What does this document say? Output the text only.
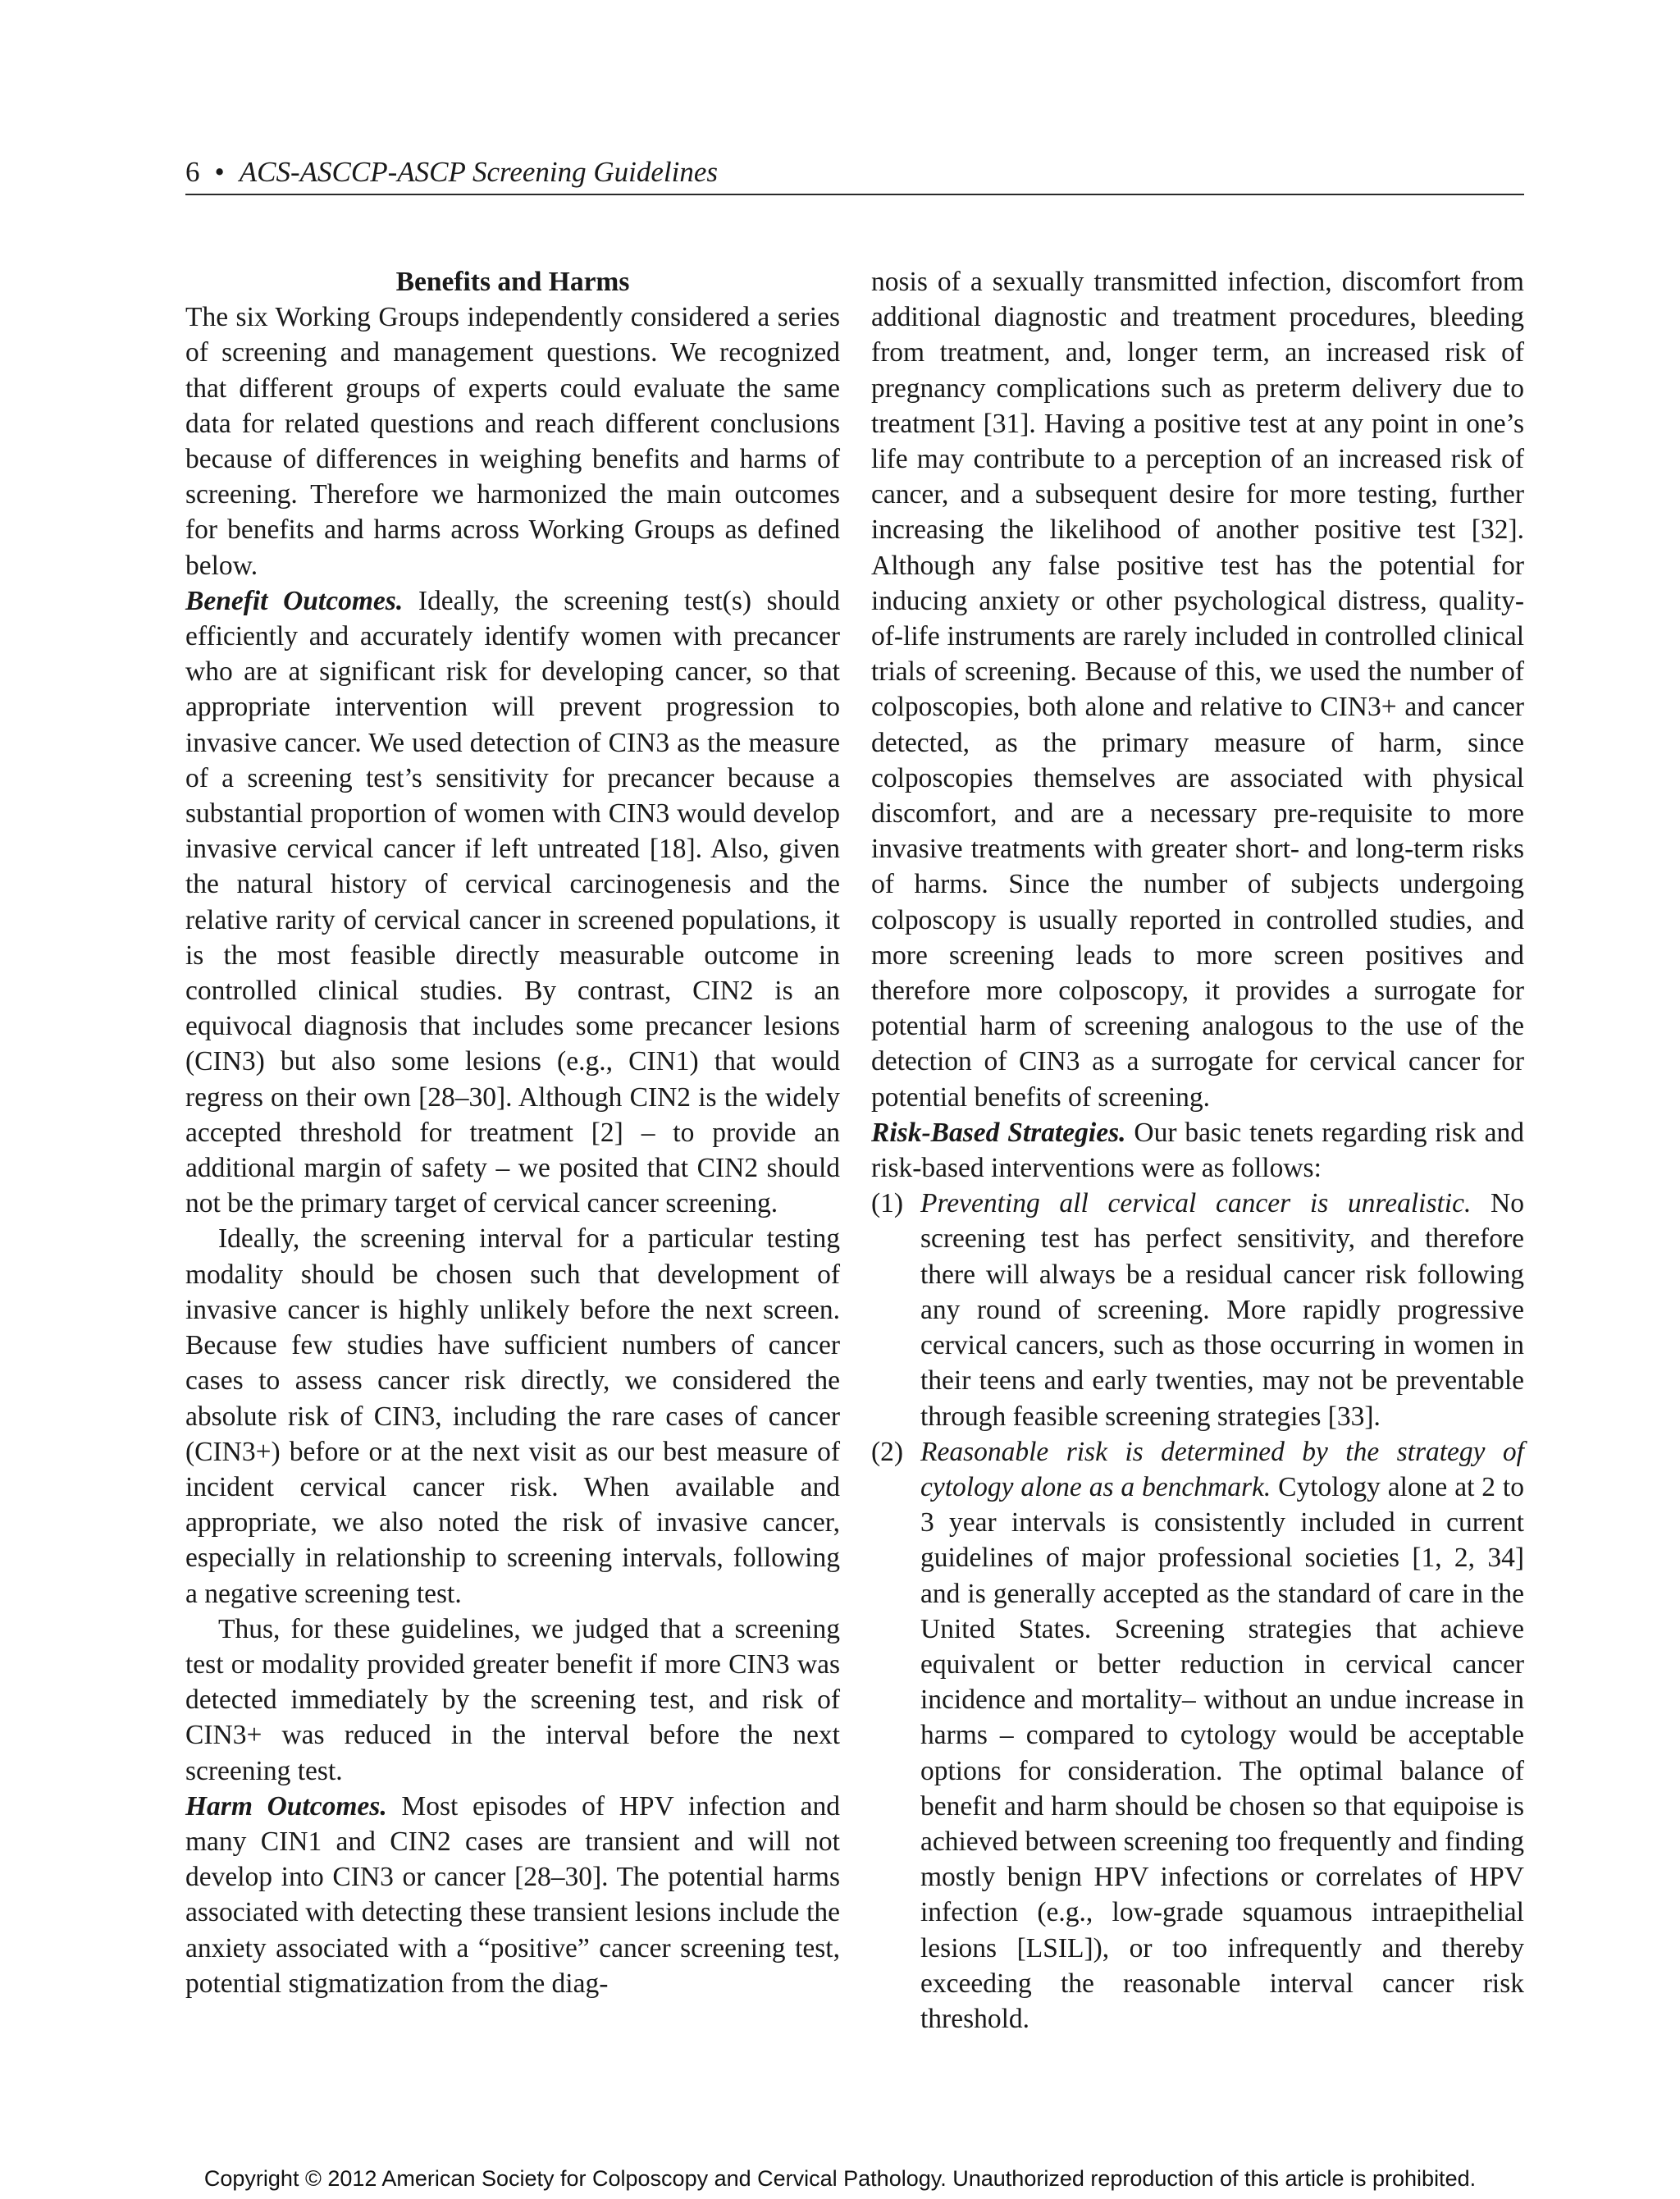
6 • ACS-ASCCP-ASCP Screening Guidelines

Benefits and Harms

The six Working Groups independently considered a series of screening and management questions. We recognized that different groups of experts could evaluate the same data for related questions and reach different conclusions because of differences in weighing benefits and harms of screening. Therefore we harmonized the main outcomes for benefits and harms across Working Groups as defined below.

Benefit Outcomes. Ideally, the screening test(s) should efficiently and accurately identify women with precancer who are at significant risk for developing cancer, so that appropriate intervention will prevent progression to invasive cancer. We used detection of CIN3 as the measure of a screening test’s sensitivity for precancer because a substantial proportion of women with CIN3 would develop invasive cervical cancer if left untreated [18]. Also, given the natural history of cervical carcinogenesis and the relative rarity of cervical cancer in screened populations, it is the most feasible directly measurable outcome in controlled clinical studies. By contrast, CIN2 is an equivocal diagnosis that includes some precancer lesions (CIN3) but also some lesions (e.g., CIN1) that would regress on their own [28–30]. Although CIN2 is the widely accepted threshold for treatment [2] – to provide an additional margin of safety – we posited that CIN2 should not be the primary target of cervical cancer screening.

Ideally, the screening interval for a particular testing modality should be chosen such that development of invasive cancer is highly unlikely before the next screen. Because few studies have sufficient numbers of cancer cases to assess cancer risk directly, we considered the absolute risk of CIN3, including the rare cases of cancer (CIN3+) before or at the next visit as our best measure of incident cervical cancer risk. When available and appropriate, we also noted the risk of invasive cancer, especially in relationship to screening intervals, following a negative screening test.

Thus, for these guidelines, we judged that a screening test or modality provided greater benefit if more CIN3 was detected immediately by the screening test, and risk of CIN3+ was reduced in the interval before the next screening test.

Harm Outcomes. Most episodes of HPV infection and many CIN1 and CIN2 cases are transient and will not develop into CIN3 or cancer [28–30]. The potential harms associated with detecting these transient lesions include the anxiety associated with a “positive” cancer screening test, potential stigmatization from the diag-

nosis of a sexually transmitted infection, discomfort from additional diagnostic and treatment procedures, bleeding from treatment, and, longer term, an increased risk of pregnancy complications such as preterm delivery due to treatment [31]. Having a positive test at any point in one’s life may contribute to a perception of an increased risk of cancer, and a subsequent desire for more testing, further increasing the likelihood of another positive test [32]. Although any false positive test has the potential for inducing anxiety or other psychological distress, quality-of-life instruments are rarely included in controlled clinical trials of screening. Because of this, we used the number of colposcopies, both alone and relative to CIN3+ and cancer detected, as the primary measure of harm, since colposcopies themselves are associated with physical discomfort, and are a necessary pre-requisite to more invasive treatments with greater short- and long-term risks of harms. Since the number of subjects undergoing colposcopy is usually reported in controlled studies, and more screening leads to more screen positives and therefore more colposcopy, it provides a surrogate for potential harm of screening analogous to the use of the detection of CIN3 as a surrogate for cervical cancer for potential benefits of screening.

Risk-Based Strategies. Our basic tenets regarding risk and risk-based interventions were as follows:

(1) Preventing all cervical cancer is unrealistic. No screening test has perfect sensitivity, and therefore there will always be a residual cancer risk following any round of screening. More rapidly progressive cervical cancers, such as those occurring in women in their teens and early twenties, may not be preventable through feasible screening strategies [33].
(2) Reasonable risk is determined by the strategy of cytology alone as a benchmark. Cytology alone at 2 to 3 year intervals is consistently included in current guidelines of major professional societies [1, 2, 34] and is generally accepted as the standard of care in the United States. Screening strategies that achieve equivalent or better reduction in cervical cancer incidence and mortality– without an undue increase in harms – compared to cytology would be acceptable options for consideration. The optimal balance of benefit and harm should be chosen so that equipoise is achieved between screening too frequently and finding mostly benign HPV infections or correlates of HPV infection (e.g., low-grade squamous intraepithelial lesions [LSIL]), or too infrequently and thereby exceeding the reasonable interval cancer risk threshold.
Copyright © 2012 American Society for Colposcopy and Cervical Pathology. Unauthorized reproduction of this article is prohibited.
